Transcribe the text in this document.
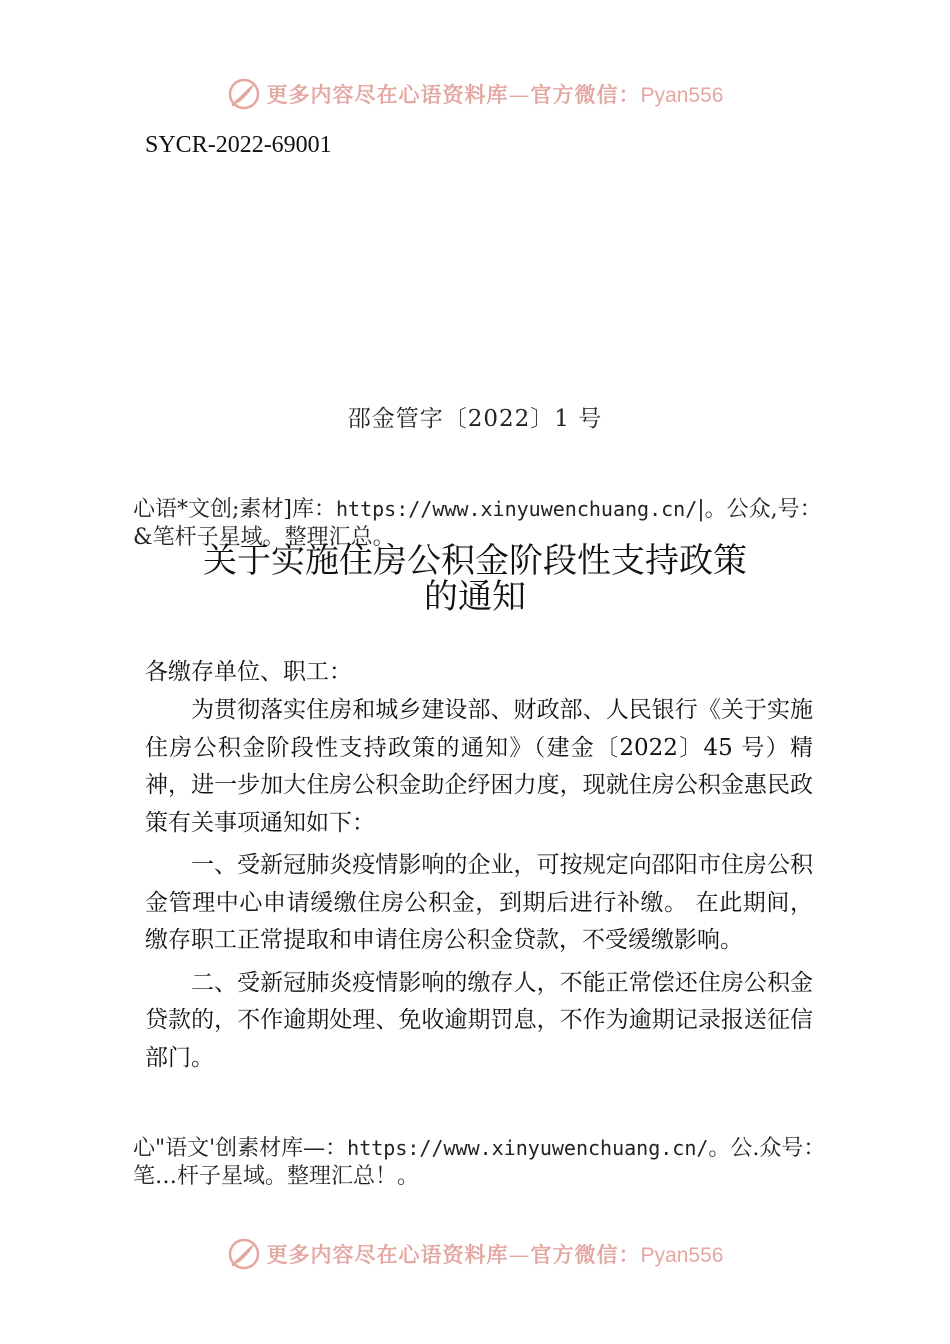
更多内容尽在心语资料库—官方微信：Pyan556
SYCR-2022-69001
邵金管字〔2022〕1 号
心语*文创;素材]库：https://www.xinyuwenchuang.cn/|。公众,号：&笔杆子星域。整理汇总。
关于实施住房公积金阶段性支持政策
的通知
各缴存单位、职工：

为贯彻落实住房和城乡建设部、财政部、人民银行《关于实施住房公积金阶段性支持政策的通知》（建金〔2022〕45 号）精神，进一步加大住房公积金助企纾困力度，现就住房公积金惠民政策有关事项通知如下：

一、受新冠肺炎疫情影响的企业，可按规定向邵阳市住房公积金管理中心申请缓缴住房公积金，到期后进行补缴。 在此期间，缴存职工正常提取和申请住房公积金贷款，不受缓缴影响。

二、受新冠肺炎疫情影响的缴存人，不能正常偿还住房公积金贷款的，不作逾期处理、免收逾期罚息，不作为逾期记录报送征信部门。

心"语文'创素材库—：https://www.xinyuwenchuang.cn/。公.众号：笔…杆子星域。整理汇总！。
更多内容尽在心语资料库—官方微信：Pyan556
